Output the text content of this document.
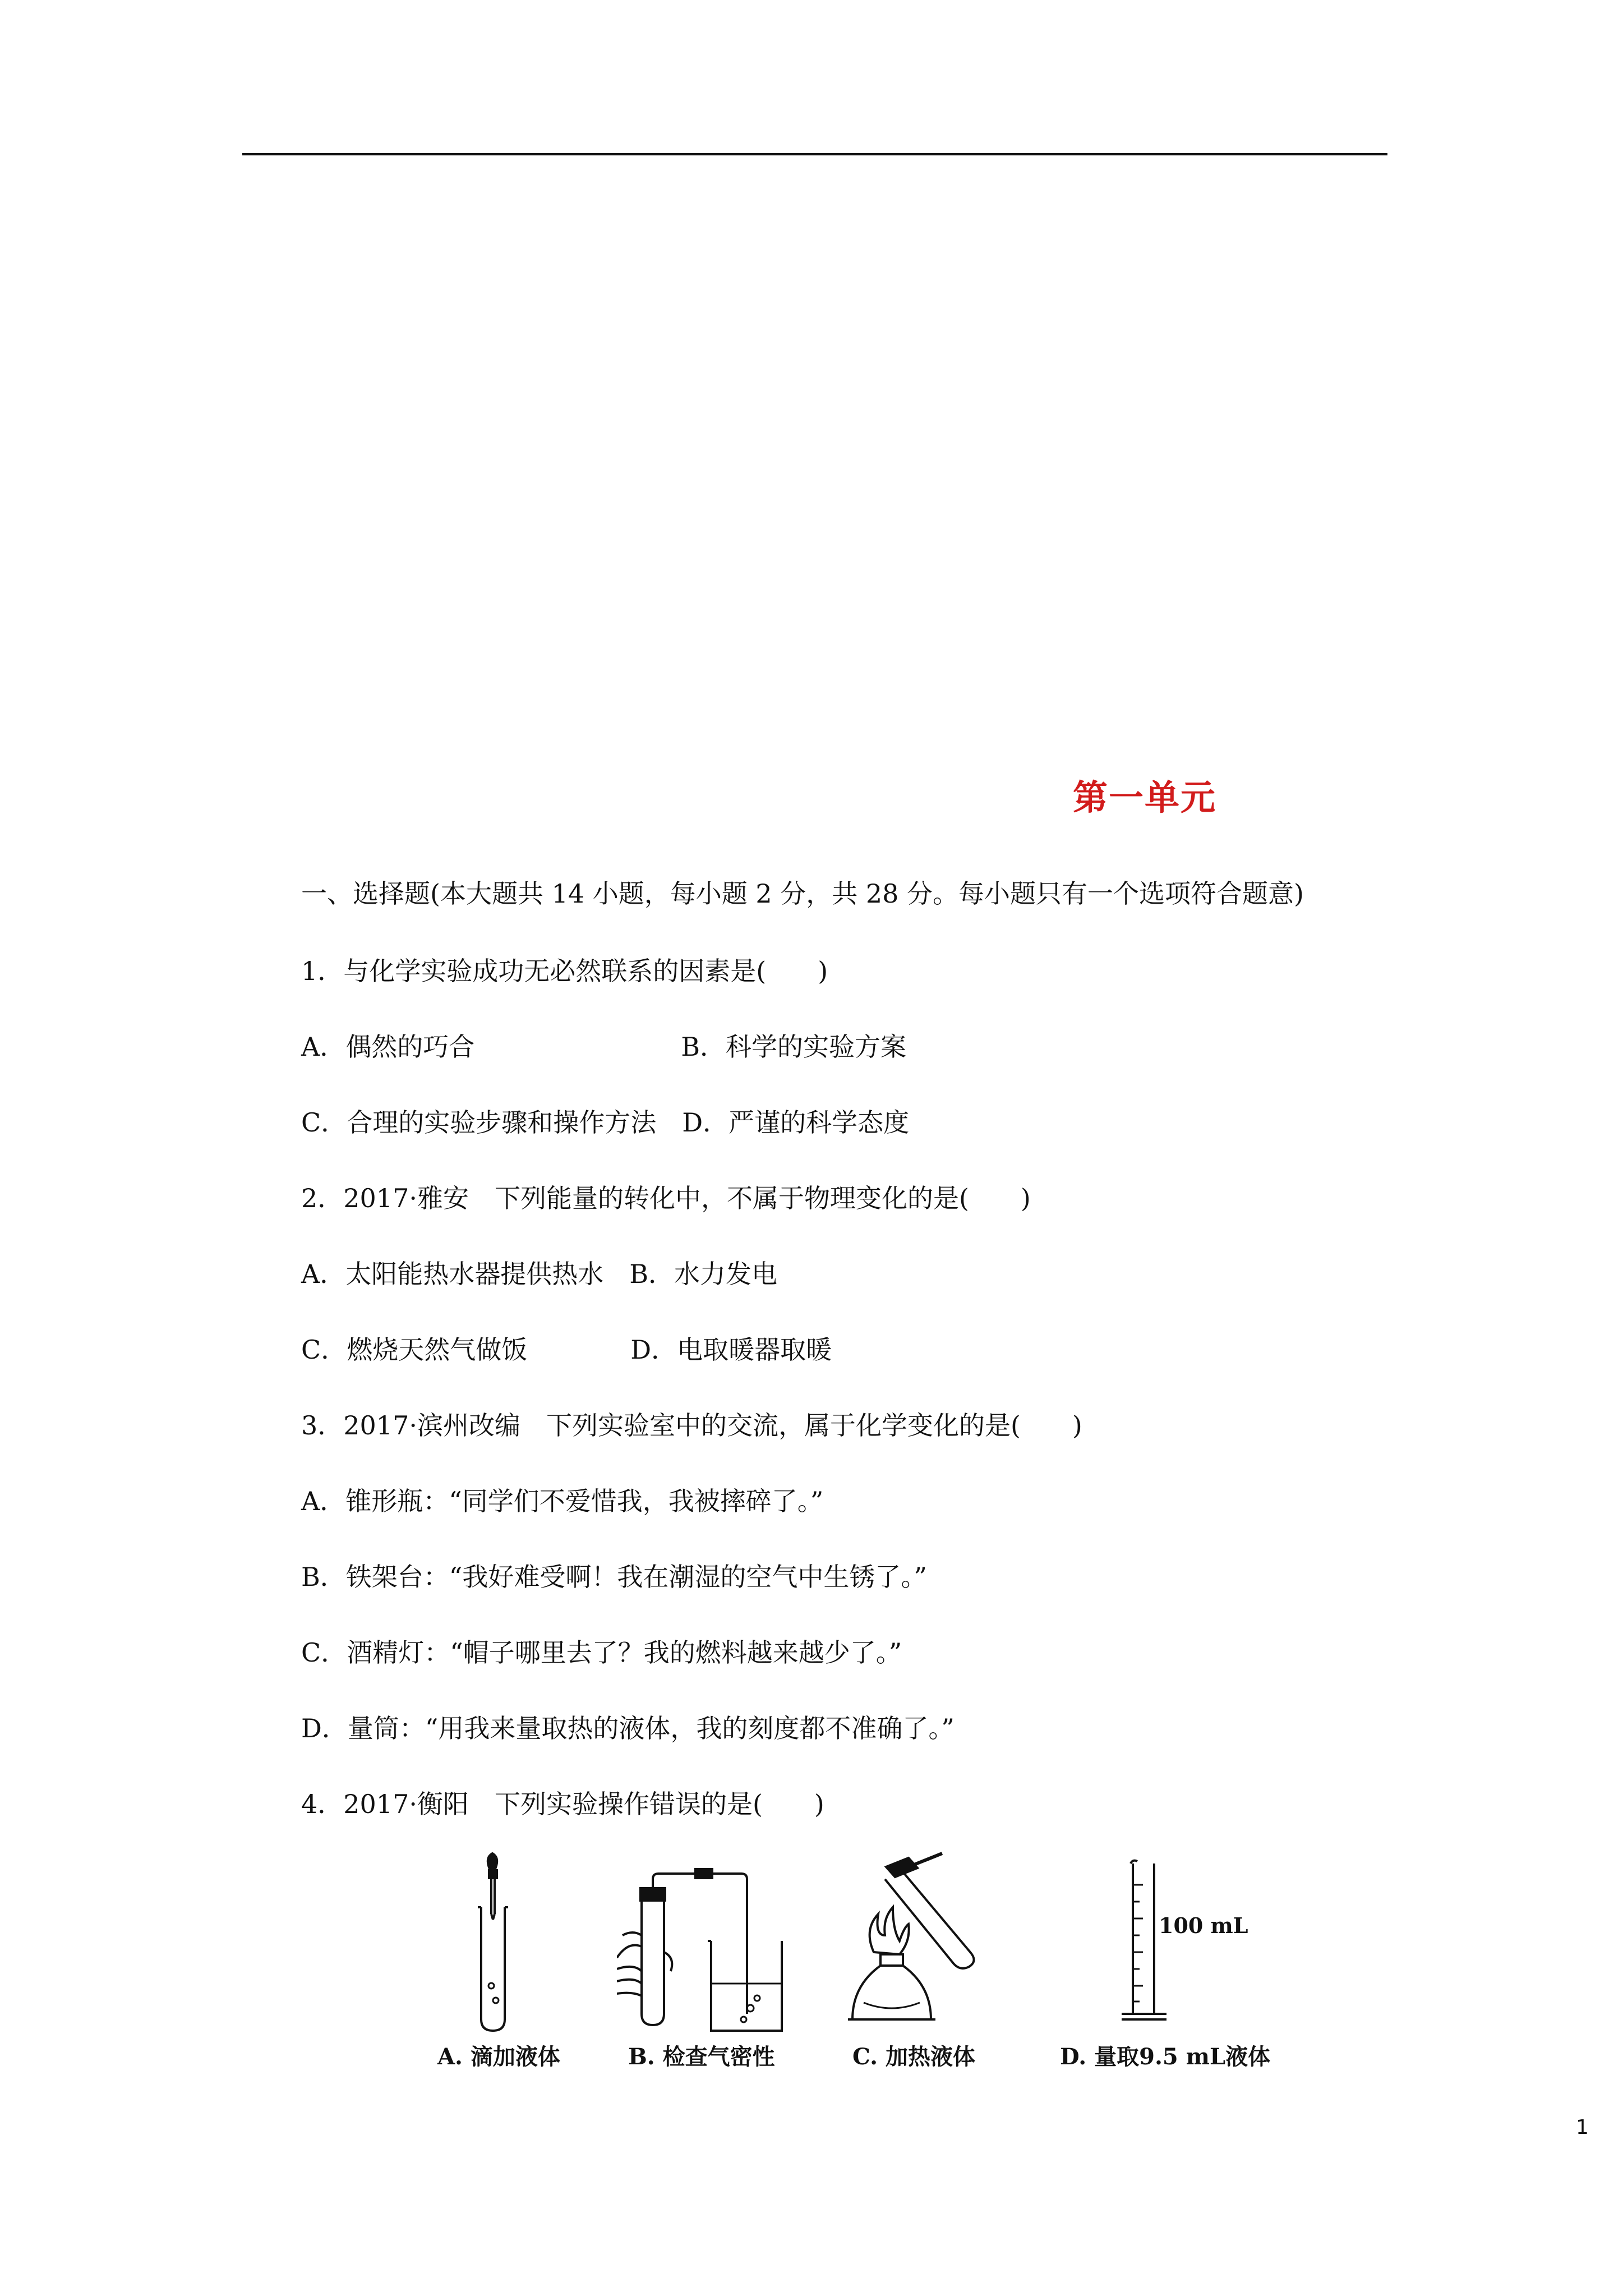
第一单元
一、选择题(本大题共 14 小题，每小题 2 分，共 28 分。每小题只有一个选项符合题意)
1．与化学实验成功无必然联系的因素是(　　)
A．偶然的巧合　　　　　　　　B．科学的实验方案
C．合理的实验步骤和操作方法　D．严谨的科学态度
2．2017·雅安　下列能量的转化中，不属于物理变化的是(　　)
A．太阳能热水器提供热水　B．水力发电
C．燃烧天然气做饭　　　　D．电取暖器取暖
3．2017·滨州改编　下列实验室中的交流，属于化学变化的是(　　)
A．锥形瓶：“同学们不爱惜我，我被摔碎了。”
B．铁架台：“我好难受啊！我在潮湿的空气中生锈了。”
C．酒精灯：“帽子哪里去了？我的燃料越来越少了。”
D．量筒：“用我来量取热的液体，我的刻度都不准确了。”
4．2017·衡阳　下列实验操作错误的是(　　)
A. 滴加液体	B. 检查气密性	C. 加热液体
100 mL
D. 量取9.5 mL液体
1
